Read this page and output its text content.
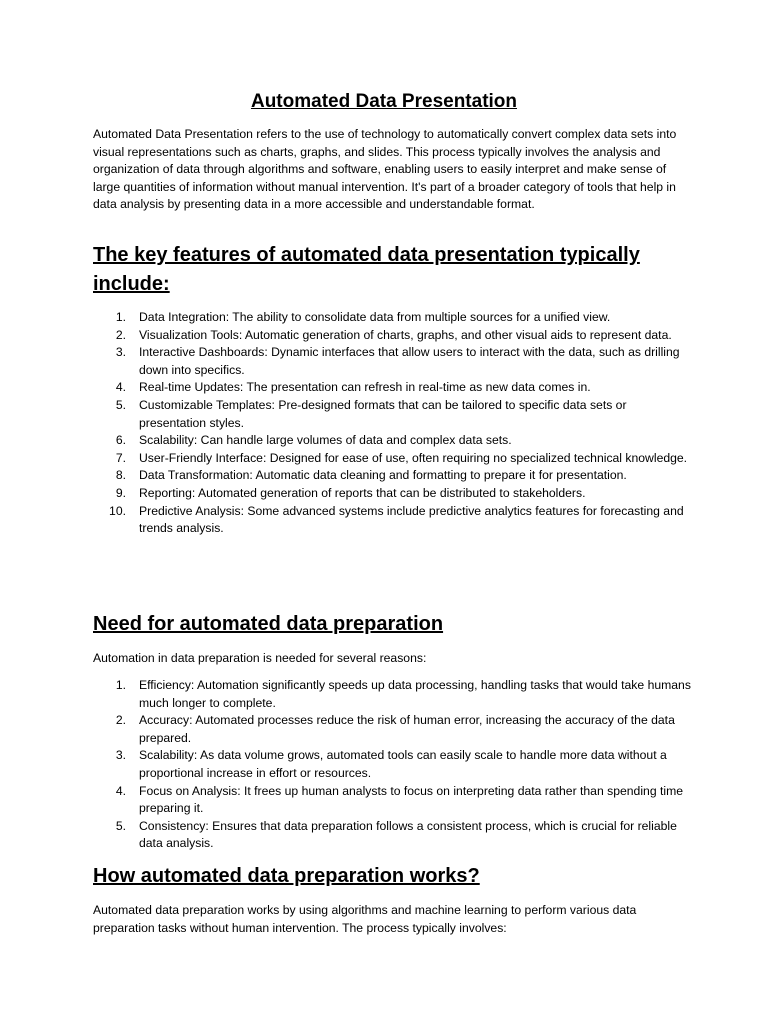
Automated Data Presentation

Automated Data Presentation refers to the use of technology to automatically convert complex data sets into visual representations such as charts, graphs, and slides. This process typically involves the analysis and organization of data through algorithms and software, enabling users to easily interpret and make sense of large quantities of information without manual intervention. It's part of a broader category of tools that help in data analysis by presenting data in a more accessible and understandable format.

The key features of automated data presentation typically include:
1. Data Integration: The ability to consolidate data from multiple sources for a unified view.
2. Visualization Tools: Automatic generation of charts, graphs, and other visual aids to represent data.
3. Interactive Dashboards: Dynamic interfaces that allow users to interact with the data, such as drilling down into specifics.
4. Real-time Updates: The presentation can refresh in real-time as new data comes in.
5. Customizable Templates: Pre-designed formats that can be tailored to specific data sets or presentation styles.
6. Scalability: Can handle large volumes of data and complex data sets.
7. User-Friendly Interface: Designed for ease of use, often requiring no specialized technical knowledge.
8. Data Transformation: Automatic data cleaning and formatting to prepare it for presentation.
9. Reporting: Automated generation of reports that can be distributed to stakeholders.
10. Predictive Analysis: Some advanced systems include predictive analytics features for forecasting and trends analysis.
Need for automated data preparation

Automation in data preparation is needed for several reasons:

1. Efficiency: Automation significantly speeds up data processing, handling tasks that would take humans much longer to complete.
2. Accuracy: Automated processes reduce the risk of human error, increasing the accuracy of the data prepared.
3. Scalability: As data volume grows, automated tools can easily scale to handle more data without a proportional increase in effort or resources.
4. Focus on Analysis: It frees up human analysts to focus on interpreting data rather than spending time preparing it.
5. Consistency: Ensures that data preparation follows a consistent process, which is crucial for reliable data analysis.
How automated data preparation works?

Automated data preparation works by using algorithms and machine learning to perform various data preparation tasks without human intervention. The process typically involves:
